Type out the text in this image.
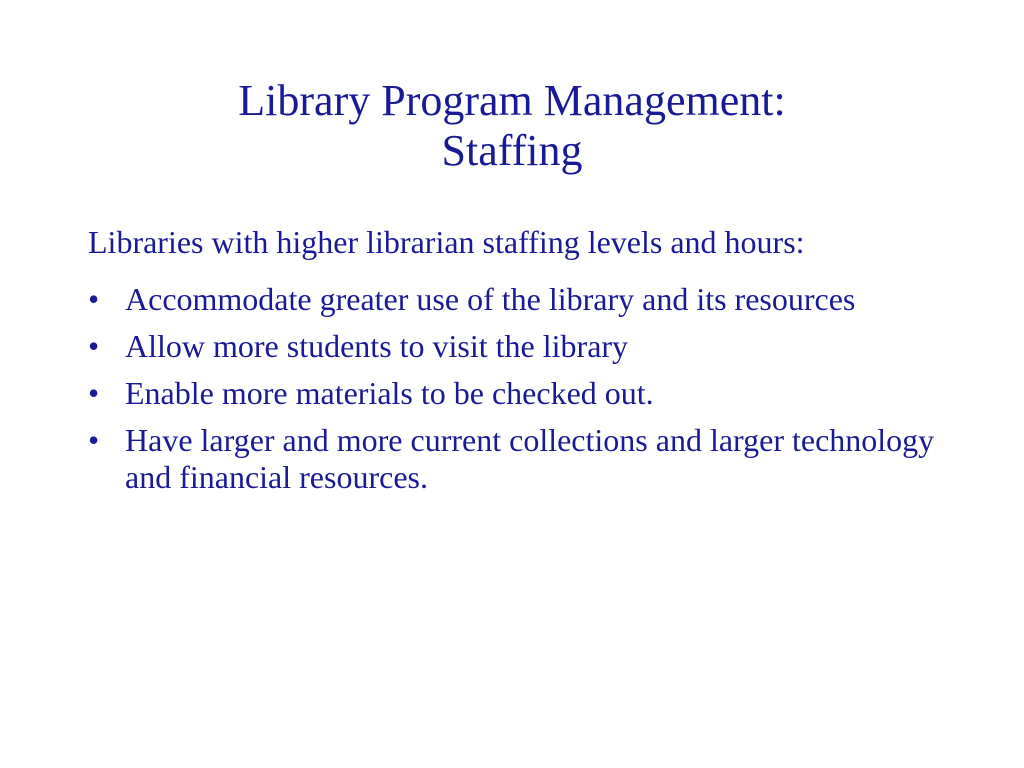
Library Program Management:
Staffing

Libraries with higher librarian staffing levels and hours:

• Accommodate greater use of the library and its resources
• Allow more students to visit the library
• Enable more materials to be checked out.
• Have larger and more current collections and larger technology and financial resources.
